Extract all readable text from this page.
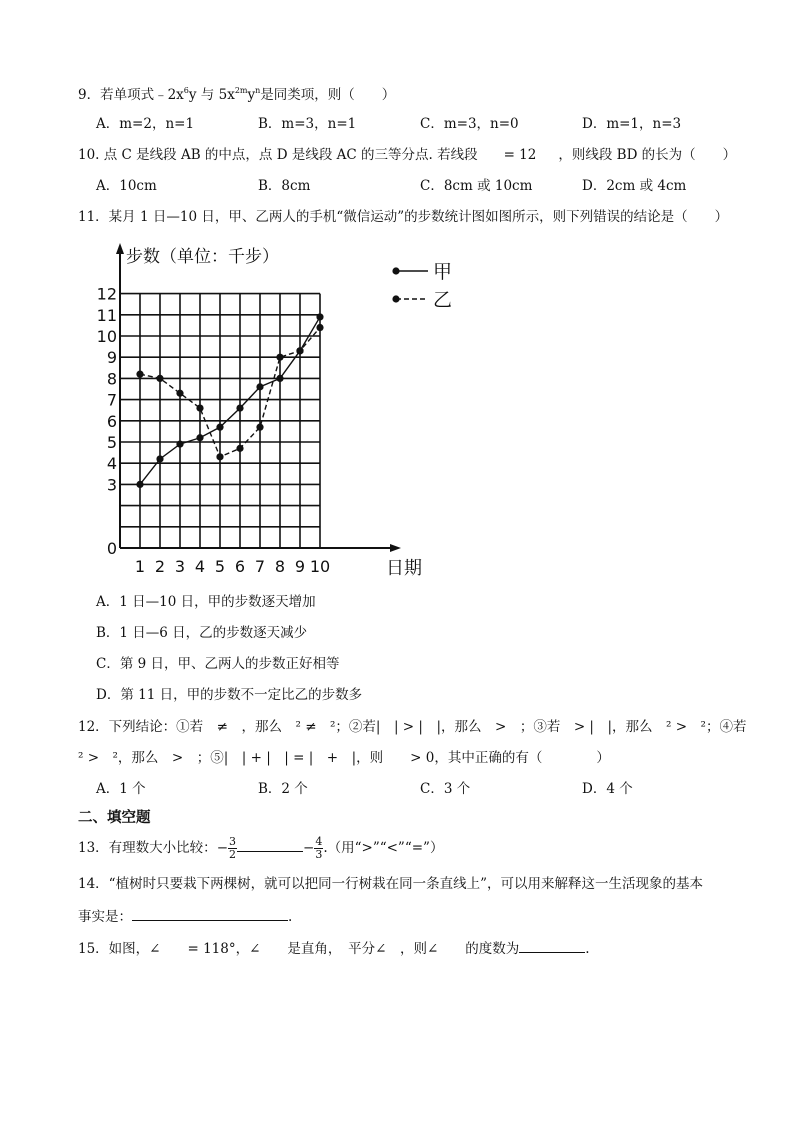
9．若单项式$﹣2x^6y$ 与 $5x^{2m}y^n$是同类项，则（　　）
A．m=2，n=1	B．m=3，n=1	C．m=3，n=0	D．m=1，n=3
10. 点 C 是线段 AB 的中点，点 D 是线段 AC 的三等分点. 若线段 = 12 ，则线段 BD 的长为（　　）
A．10cm	B．8cm	C．8cm 或 10cm	D．2cm 或 4cm
11．某月 1 日—10 日，甲、乙两人的手机“微信运动”的步数统计图如图所示，则下列错误的结论是（　　）
步数（单位：千步）
日期
0
3
4
5
6
7
8
9
10
11
12
1 2 3 4 5 6 7 8 9 10
甲
乙
A．1 日—10 日，甲的步数逐天增加
B．1 日—6 日，乙的步数逐天减少
C．第 9 日，甲、乙两人的步数正好相等
D．第 11 日，甲的步数不一定比乙的步数多
12．下列结论：①若　≠　，那么　² ≠　²；②若|　| > |　|，那么　>　；③若　> |　|，那么　² >　²；④若
² >　²，那么　>　；⑤|　| + |　| = |　+　|，则　　> 0，其中正确的有（　　　　）
A．1 个	B．2 个	C．3 个	D．4 个
二、填空题
13．有理数大小比较：− $\frac{3}{2}$	− $\frac{4}{3}$ .（用“>”“<”“=”）
14．“植树时只要栽下两棵树，就可以把同一行树栽在同一条直线上”，可以用来解释这一生活现象的基本
事实是：	.
15．如图，∠　　= 118°，∠　　是直角，　平分∠　，则∠　　的度数为	.
